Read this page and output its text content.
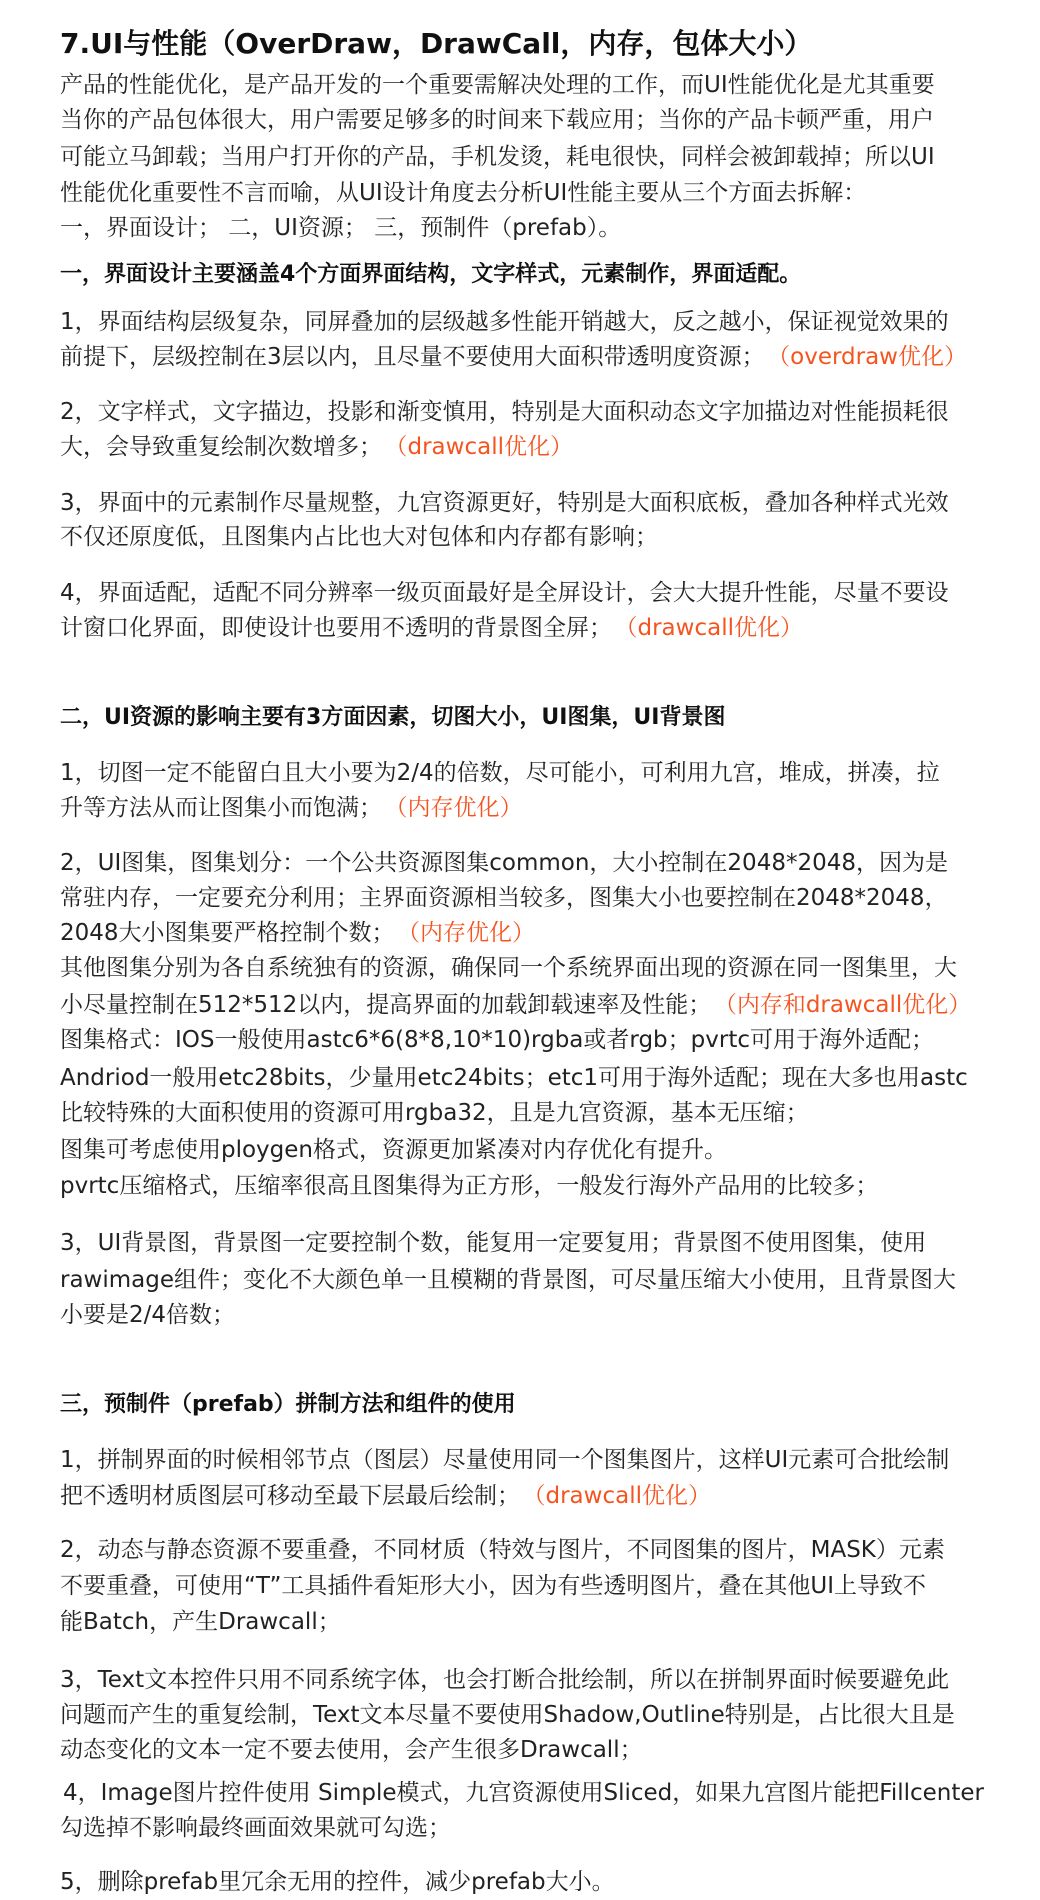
7.UI与性能（OverDraw，DrawCall，内存，包体大小）
产品的性能优化，是产品开发的一个重要需解决处理的工作，而UI性能优化是尤其重要
当你的产品包体很大，用户需要足够多的时间来下载应用；当你的产品卡顿严重，用户
可能立马卸载；当用户打开你的产品，手机发烫，耗电很快，同样会被卸载掉；所以UI
性能优化重要性不言而喻，从UI设计角度去分析UI性能主要从三个方面去拆解：
一，界面设计； 二，UI资源； 三，预制件（prefab）。
一，界面设计主要涵盖4个方面界面结构，文字样式，元素制作，界面适配。
1，界面结构层级复杂，同屏叠加的层级越多性能开销越大，反之越小，保证视觉效果的
前提下，层级控制在3层以内，且尽量不要使用大面积带透明度资源； （overdraw优化）
2，文字样式，文字描边，投影和渐变慎用，特别是大面积动态文字加描边对性能损耗很
大，会导致重复绘制次数增多； （drawcall优化）
3，界面中的元素制作尽量规整，九宫资源更好，特别是大面积底板，叠加各种样式光效
不仅还原度低，且图集内占比也大对包体和内存都有影响；
4，界面适配，适配不同分辨率一级页面最好是全屏设计，会大大提升性能，尽量不要设
计窗口化界面，即使设计也要用不透明的背景图全屏； （drawcall优化）
二，UI资源的影响主要有3方面因素，切图大小，UI图集，UI背景图
1，切图一定不能留白且大小要为2/4的倍数，尽可能小，可利用九宫，堆成，拼凑，拉
升等方法从而让图集小而饱满； （内存优化）
2，UI图集，图集划分：一个公共资源图集common，大小控制在2048*2048，因为是
常驻内存，一定要充分利用；主界面资源相当较多，图集大小也要控制在2048*2048，
2048大小图集要严格控制个数； （内存优化）
其他图集分别为各自系统独有的资源，确保同一个系统界面出现的资源在同一图集里，大
小尽量控制在512*512以内，提高界面的加载卸载速率及性能； （内存和drawcall优化）
图集格式：IOS一般使用astc6*6(8*8,10*10)rgba或者rgb；pvrtc可用于海外适配；
Andriod一般用etc28bits，少量用etc24bits；etc1可用于海外适配；现在大多也用astc
比较特殊的大面积使用的资源可用rgba32，且是九宫资源，基本无压缩；
图集可考虑使用ploygen格式，资源更加紧凑对内存优化有提升。
pvrtc压缩格式，压缩率很高且图集得为正方形，一般发行海外产品用的比较多；
3，UI背景图，背景图一定要控制个数，能复用一定要复用；背景图不使用图集，使用
rawimage组件；变化不大颜色单一且模糊的背景图，可尽量压缩大小使用，且背景图大
小要是2/4倍数；
三，预制件（prefab）拼制方法和组件的使用
1，拼制界面的时候相邻节点（图层）尽量使用同一个图集图片，这样UI元素可合批绘制
把不透明材质图层可移动至最下层最后绘制； （drawcall优化）
2，动态与静态资源不要重叠，不同材质（特效与图片，不同图集的图片，MASK）元素
不要重叠，可使用“T”工具插件看矩形大小，因为有些透明图片，叠在其他UI上导致不
能Batch，产生Drawcall；
3，Text文本控件只用不同系统字体，也会打断合批绘制，所以在拼制界面时候要避免此
问题而产生的重复绘制，Text文本尽量不要使用Shadow,Outline特别是，占比很大且是
动态变化的文本一定不要去使用，会产生很多Drawcall；
4，Image图片控件使用 Simple模式，九宫资源使用Sliced，如果九宫图片能把Fillcenter
勾选掉不影响最终画面效果就可勾选；
5，删除prefab里冗余无用的控件，减少prefab大小。
